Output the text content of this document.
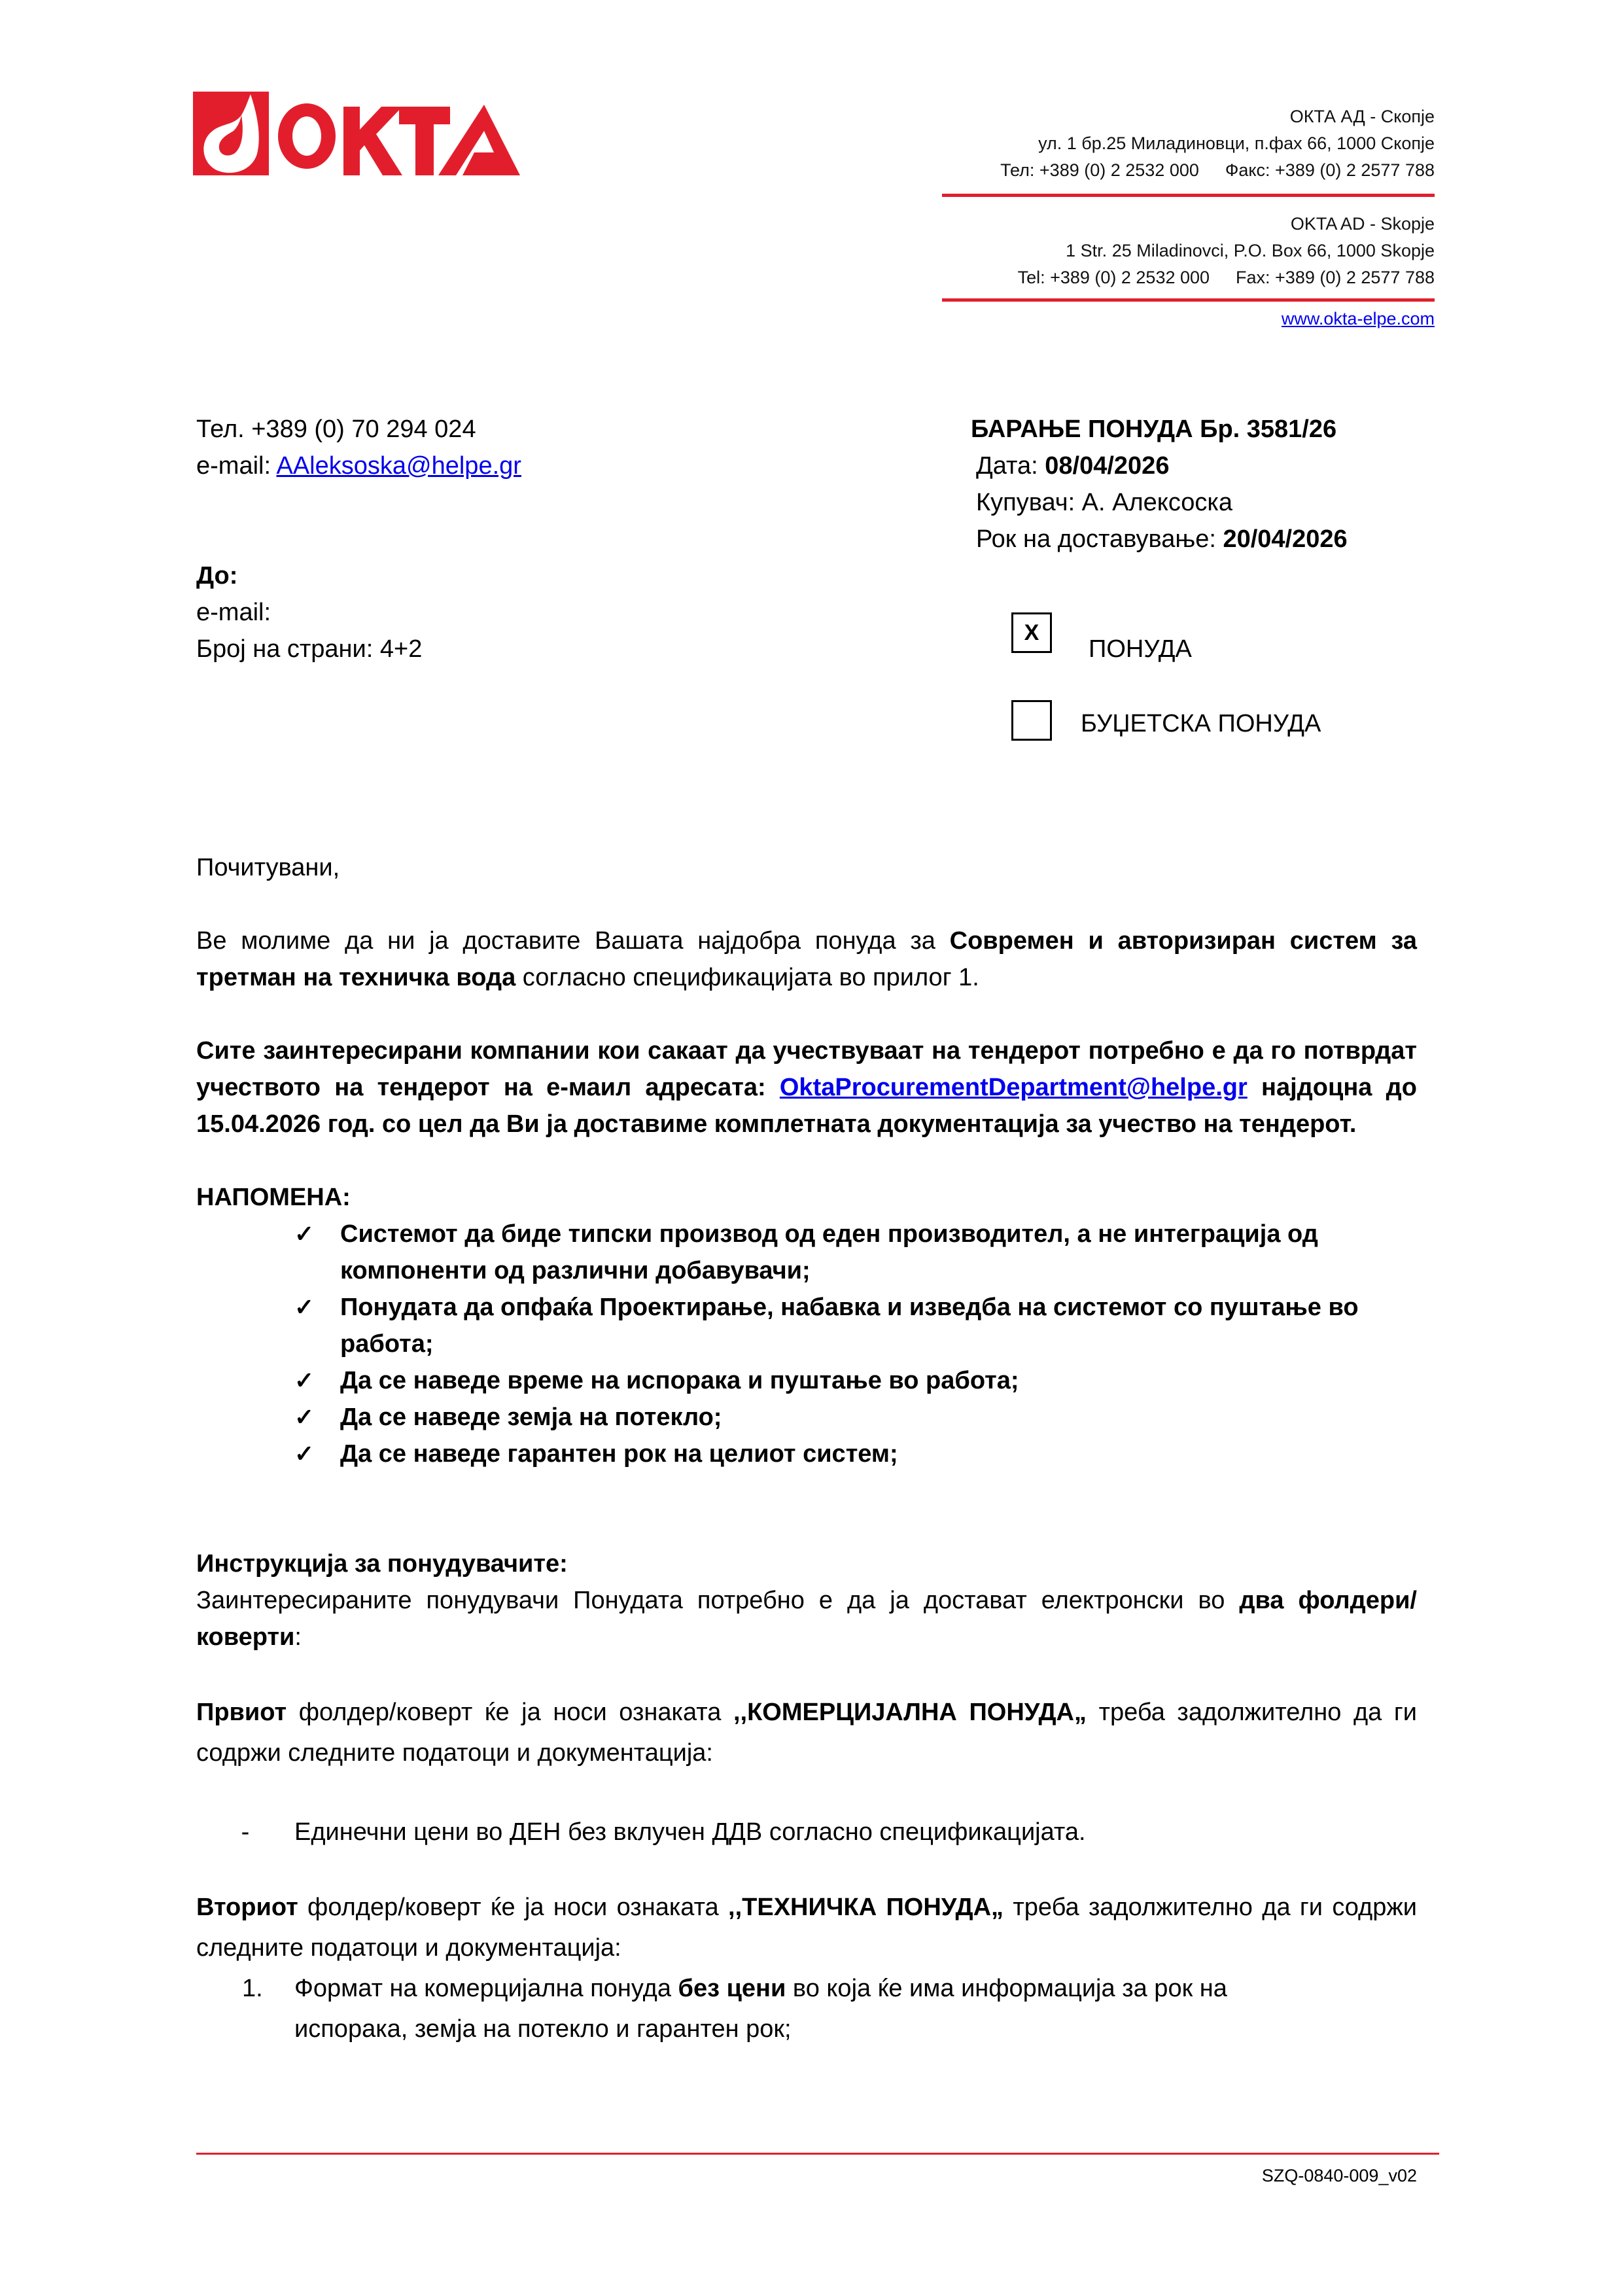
ОКТА АД - Скопје
ул. 1 бр.25 Миладиновци, п.фах 66, 1000 Скопје
Тел: +389 (0) 2 2532 000 Факс: +389 (0) 2 2577 788
OKTA AD - Skopje
1 Str. 25 Miladinovci, P.O. Box 66, 1000 Skopje
Tel: +389 (0) 2 2532 000 Fax: +389 (0) 2 2577 788
www.okta-elpe.com
Тел. +389 (0) 70 294 024
e-mail: AAleksoska@helpe.gr
До:
e-mail:
Број на страни: 4+2
БАРАЊЕ ПОНУДА Бр. 3581/26
Дата: 08/04/2026
Купувач: А. Алексоска
Рок на доставување: 20/04/2026
X
ПОНУДА
БУЏЕТСКА ПОНУДА
Почитувани,
Ве молиме да ни ја доставите Вашата најдобра понуда за Современ и авторизиран систем за третман на техничка вода согласно спецификацијата во прилог 1.
Сите заинтересирани компании кои сакаат да учествуваат на тендерот потребно е да го потврдат учеството на тендерот на е-маил адресата: OktaProcurementDepartment@helpe.gr најдоцна до 15.04.2026 год. со цел да Ви ја доставиме комплетната документација за учество на тендерот.
НАПОМЕНА:
✓	Системот да биде типски производ од еден производител, а не интеграција од компоненти од различни добавувачи;
✓	Понудата да опфаќа Проектирање, набавка и изведба на системот со пуштање во работа;
✓	Да се наведе време на испорака и пуштање во работа;
✓	Да се наведе земја на потекло;
✓	Да се наведе гарантен рок на целиот систем;
Инструкција за понудувачите:
Заинтересираните понудувачи Понудата потребно е да ја достават електронски во два фолдери/коверти:
Првиот фолдер/коверт ќе ја носи ознаката ,,КОМЕРЦИЈАЛНА ПОНУДА„ треба задолжително да ги содржи следните податоци и документација:
-	Единечни цени во ДЕН без вклучен ДДВ согласно спецификацијата.
Вториот фолдер/коверт ќе ја носи ознаката ,,ТЕХНИЧКА ПОНУДА„ треба задолжително да ги содржи следните податоци и документација:
1.	Формат на комерцијална понуда без цени во која ќе има информација за рок на испорака, земја на потекло и гарантен рок;
SZQ-0840-009_v02
